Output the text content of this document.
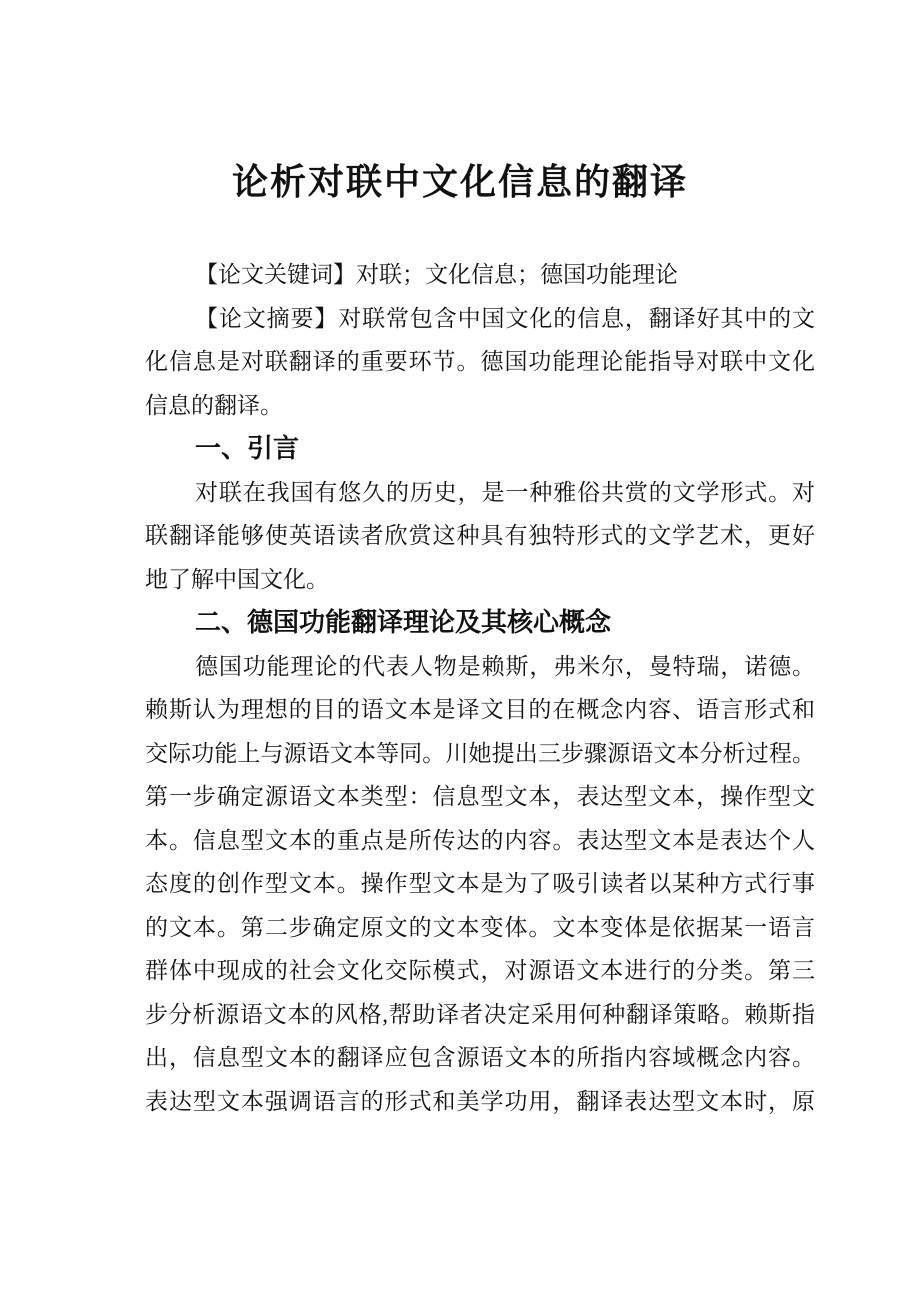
论析对联中文化信息的翻译
【论文关键词】对联；文化信息；德国功能理论
【论文摘要】对联常包含中国文化的信息，翻译好其中的文
化信息是对联翻译的重要环节。德国功能理论能指导对联中文化
信息的翻译。
一、引言
对联在我国有悠久的历史，是一种雅俗共赏的文学形式。对
联翻译能够使英语读者欣赏这种具有独特形式的文学艺术，更好
地了解中国文化。
二、德国功能翻译理论及其核心概念
德国功能理论的代表人物是赖斯，弗米尔，曼特瑞，诺德。
赖斯认为理想的目的语文本是译文目的在概念内容、语言形式和
交际功能上与源语文本等同。川她提出三步骤源语文本分析过程。
第一步确定源语文本类型：信息型文本，表达型文本，操作型文
本。信息型文本的重点是所传达的内容。表达型文本是表达个人
态度的创作型文本。操作型文本是为了吸引读者以某种方式行事
的文本。第二步确定原文的文本变体。文本变体是依据某一语言
群体中现成的社会文化交际模式，对源语文本进行的分类。第三
步分析源语文本的风格,帮助译者决定采用何种翻译策略。赖斯指
出，信息型文本的翻译应包含源语文本的所指内容域概念内容。
表达型文本强调语言的形式和美学功用，翻译表达型文本时，原
